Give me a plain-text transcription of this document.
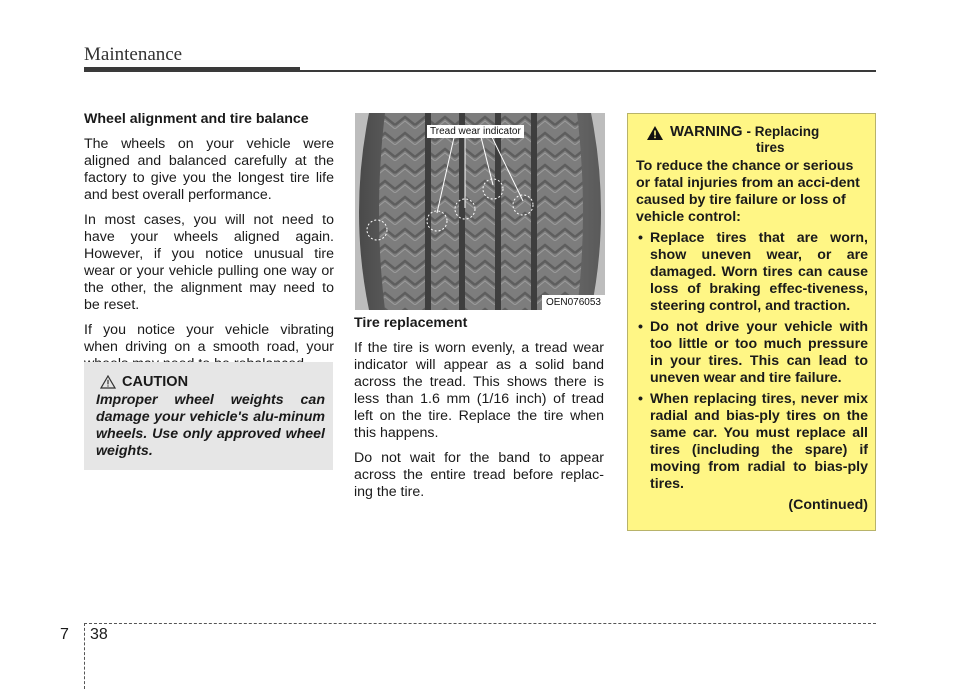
Maintenance
Wheel alignment and tire balance

The wheels on your vehicle were aligned and balanced carefully at the factory to give you the longest tire life and best overall performance.

In most cases, you will not need to have your wheels aligned again. However, if you notice unusual tire wear or your vehicle pulling one way or the other, the alignment may need to be reset.

If you notice your vehicle vibrating when driving on a smooth road, your

CAUTION
Improper wheel weights can damage your vehicle's alu-minum wheels. Use only approved wheel weights.
Tread wear indicator
OEN076053
Tire replacement

If the tire is worn evenly, a tread wear indicator will appear as a solid band across the tread. This shows there is less than 1.6 mm (1/16 inch) of tread left on the tire. Replace the tire when this happens.

Do not wait for the band to appear across the entire tread before replac-ing the tire.

WARNING - Replacing
tires
To reduce the chance or serious or fatal injuries from an acci-dent caused by tire failure or loss of vehicle control:
• Replace tires that are worn, show uneven wear, or are damaged. Worn tires can cause loss of braking effec-tiveness, steering control, and traction.
• Do not drive your vehicle with too little or too much pressure in your tires. This can lead to uneven wear and tire failure.
• When replacing tires, never mix radial and bias-ply tires on the same car. You must replace all tires (including the spare) if moving from radial to bias-ply tires.
(Continued)
7 38
